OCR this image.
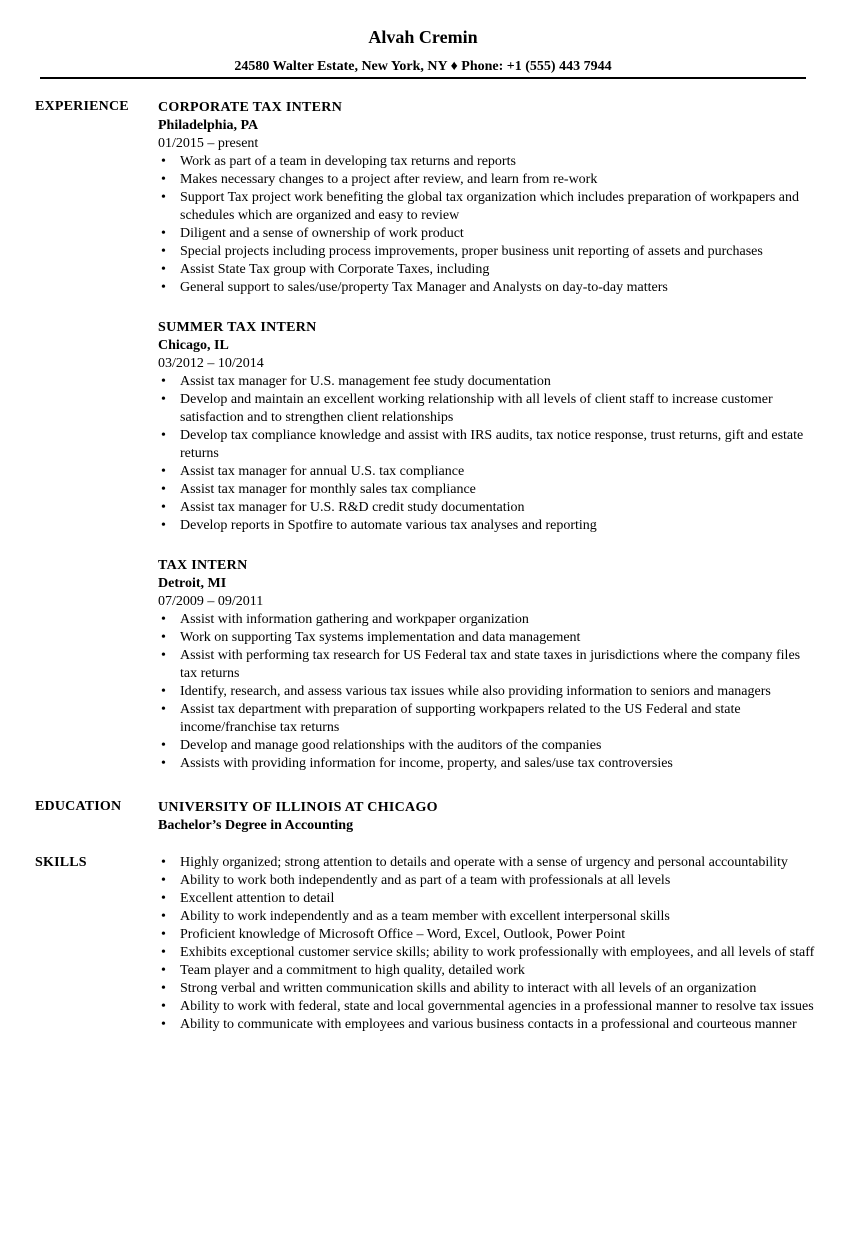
Alvah Cremin
24580 Walter Estate, New York, NY ♦ Phone: +1 (555) 443 7944
EXPERIENCE CORPORATE TAX INTERN
Philadelphia, PA
01/2015 – present
• Work as part of a team in developing tax returns and reports
• Makes necessary changes to a project after review, and learn from re-work
• Support Tax project work benefiting the global tax organization which includes preparation of workpapers and schedules which are organized and easy to review
• Diligent and a sense of ownership of work product
• Special projects including process improvements, proper business unit reporting of assets and purchases
• Assist State Tax group with Corporate Taxes, including
• General support to sales/use/property Tax Manager and Analysts on day-to-day matters
SUMMER TAX INTERN
Chicago, IL
03/2012 – 10/2014
• Assist tax manager for U.S. management fee study documentation
• Develop and maintain an excellent working relationship with all levels of client staff to increase customer satisfaction and to strengthen client relationships
• Develop tax compliance knowledge and assist with IRS audits, tax notice response, trust returns, gift and estate returns
• Assist tax manager for annual U.S. tax compliance
• Assist tax manager for monthly sales tax compliance
• Assist tax manager for U.S. R&D credit study documentation
• Develop reports in Spotfire to automate various tax analyses and reporting
TAX INTERN
Detroit, MI
07/2009 – 09/2011
• Assist with information gathering and workpaper organization
• Work on supporting Tax systems implementation and data management
• Assist with performing tax research for US Federal tax and state taxes in jurisdictions where the company files tax returns
• Identify, research, and assess various tax issues while also providing information to seniors and managers
• Assist tax department with preparation of supporting workpapers related to the US Federal and state income/franchise tax returns
• Develop and manage good relationships with the auditors of the companies
• Assists with providing information for income, property, and sales/use tax controversies
EDUCATION	UNIVERSITY OF ILLINOIS AT CHICAGO
Bachelor’s Degree in Accounting
SKILLS	• Highly organized; strong attention to details and operate with a sense of urgency and personal accountability
• Ability to work both independently and as part of a team with professionals at all levels
• Excellent attention to detail
• Ability to work independently and as a team member with excellent interpersonal skills
• Proficient knowledge of Microsoft Office – Word, Excel, Outlook, Power Point
• Exhibits exceptional customer service skills; ability to work professionally with employees, and all levels of staff
• Team player and a commitment to high quality, detailed work
• Strong verbal and written communication skills and ability to interact with all levels of an organization
• Ability to work with federal, state and local governmental agencies in a professional manner to resolve tax issues
• Ability to communicate with employees and various business contacts in a professional and courteous manner
